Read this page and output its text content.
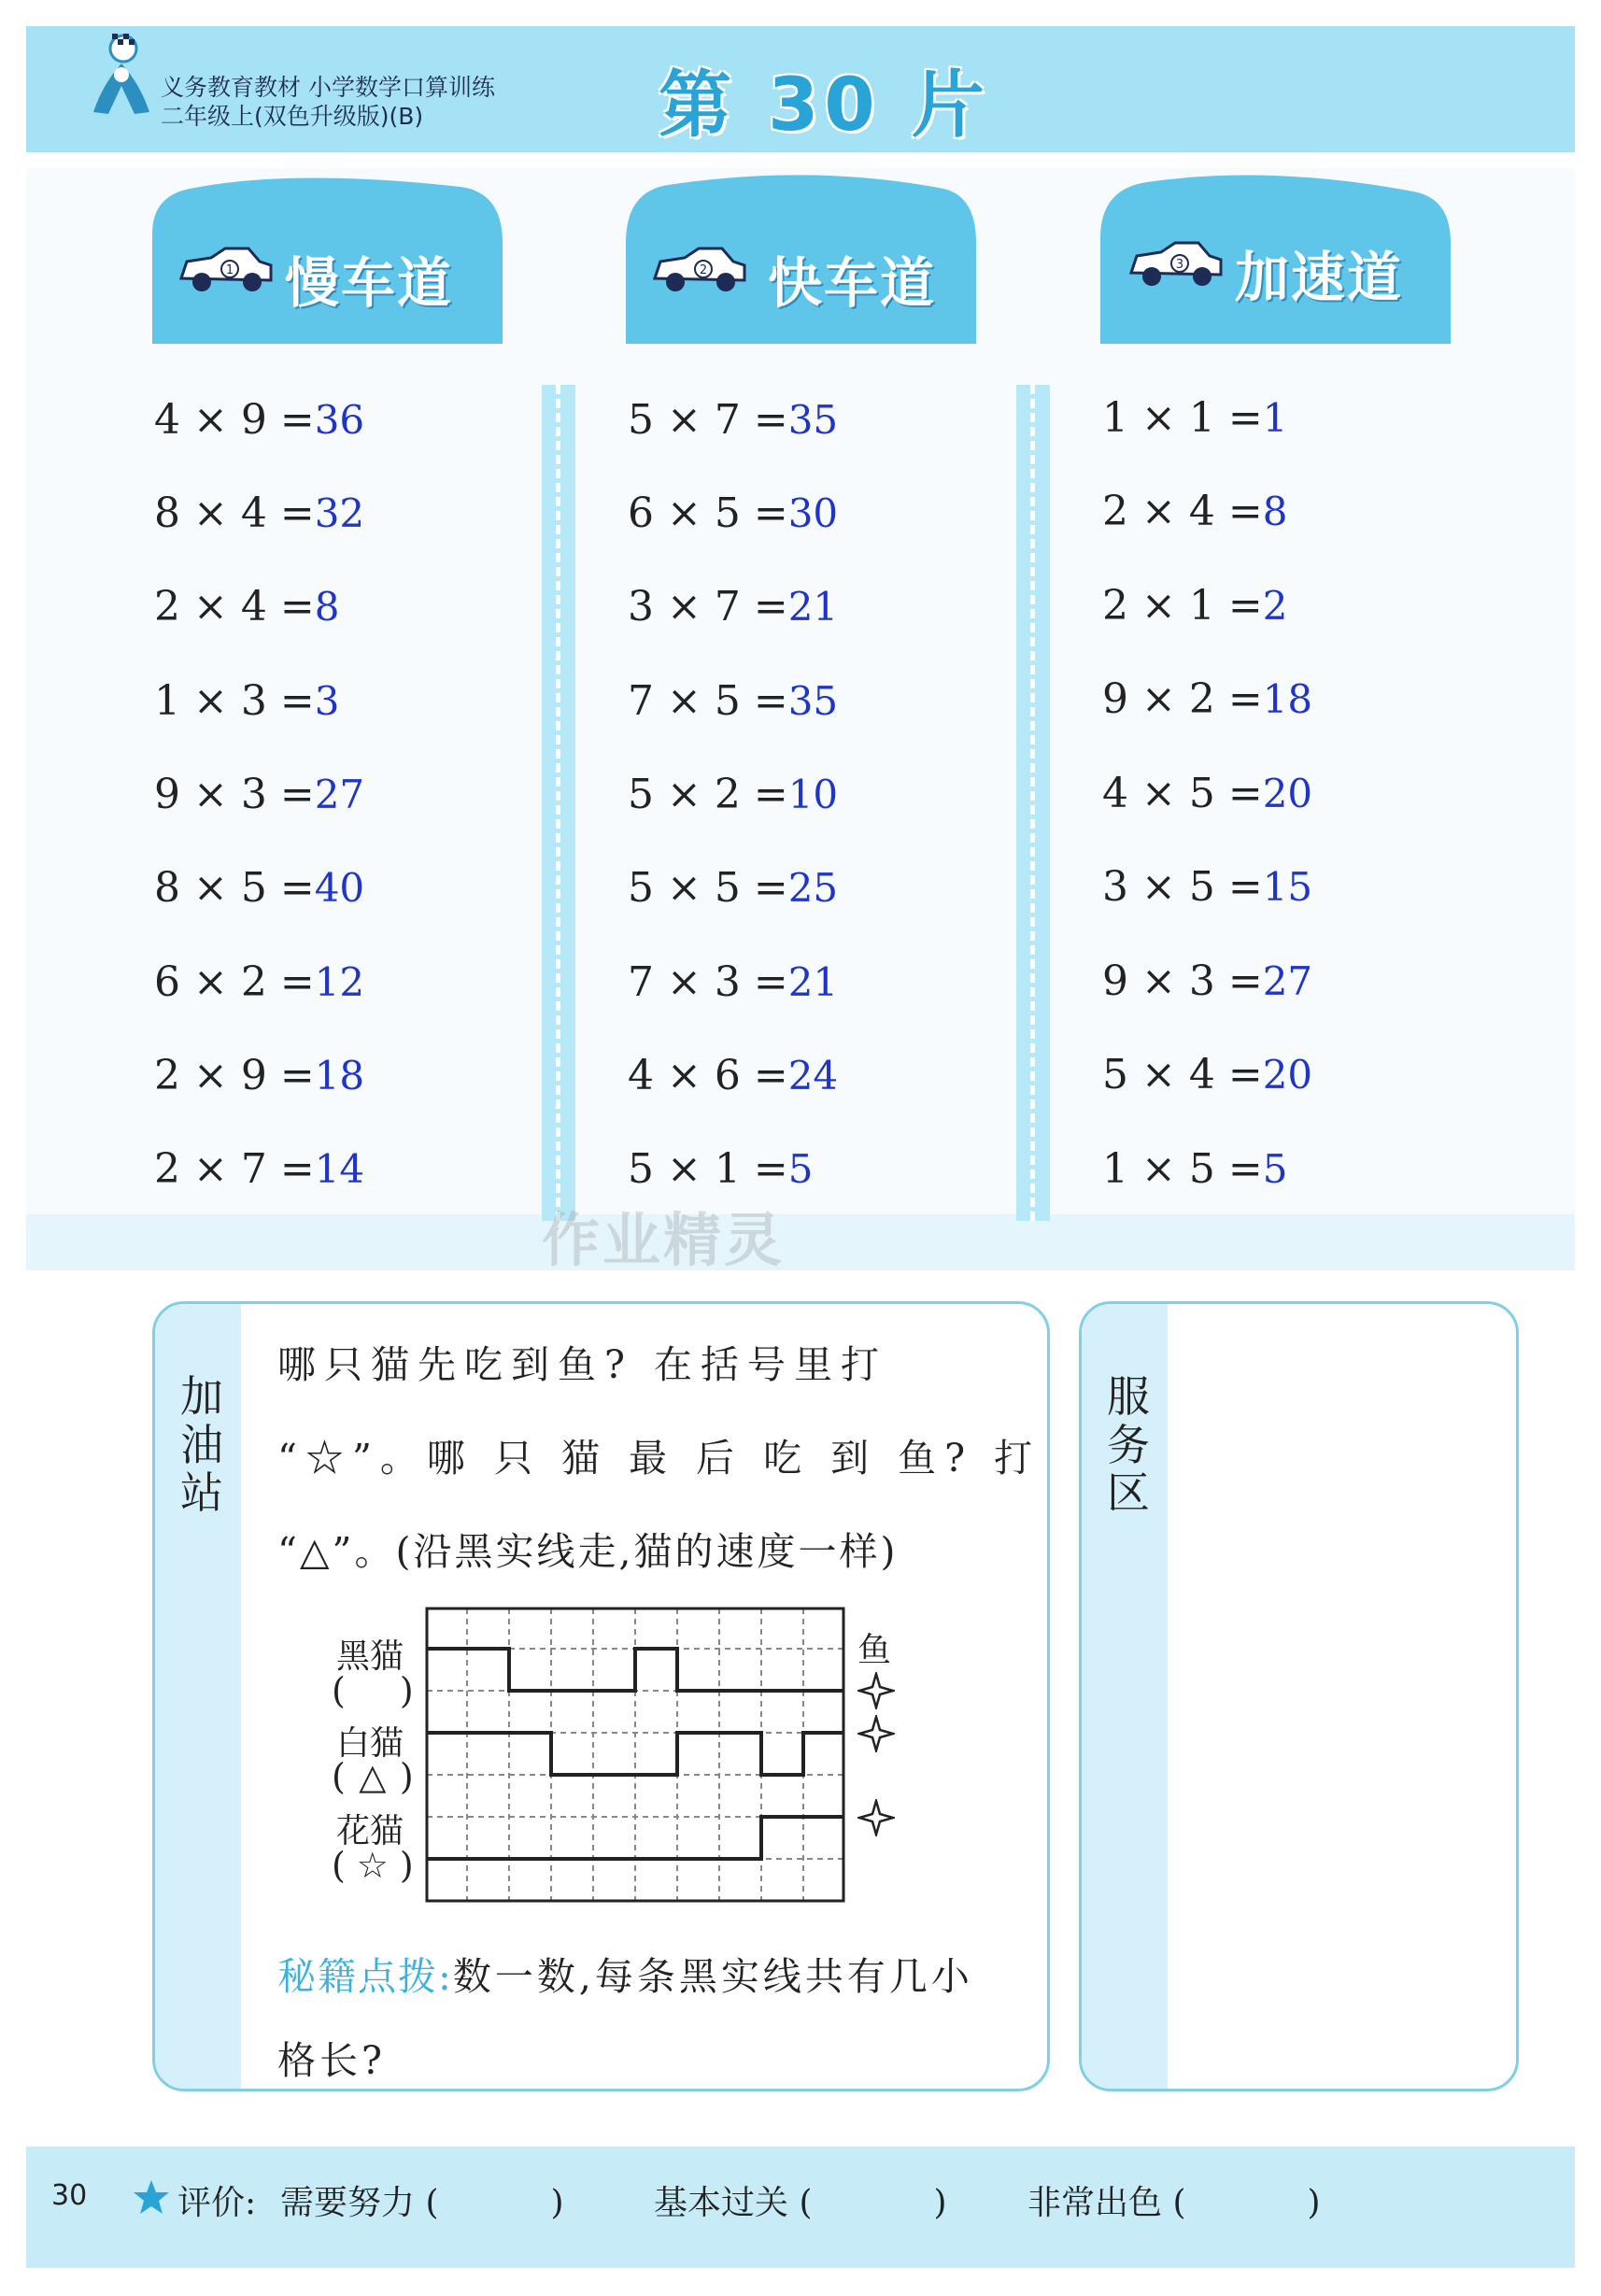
义务教育教材 小学数学口算训练
二年级上(双色升级版)(B)	第 30 片
1	2	3
慢车道	快车道	加速道
4 × 9 =36
8 × 4 =32
2 × 4 =8
1 × 3 =3
9 × 3 =27
8 × 5 =40
6 × 2 =12
2 × 9 =18
2 × 7 =14
5 × 7 =35
6 × 5 =30
3 × 7 =21
7 × 5 =35
5 × 2 =10
5 × 5 =25
7 × 3 =21
4 × 6 =24
5 × 1 =5
1 × 1 =1
2 × 4 =8
2 × 1 =2
9 × 2 =18
4 × 5 =20
3 × 5 =15
9 × 3 =27
5 × 4 =20
1 × 5 =5
作业精灵
加油站
哪只猫先吃到鱼? 在括号里打
“☆”。哪 只 猫 最 后 吃 到 鱼? 打
“△”。(沿黑实线走,猫的速度一样)
黑猫
( )
白猫
( △ )
花猫
( ☆ )
鱼
秘籍点拨:数一数,每条黑实线共有几小
格长?
服务区
30	评价: 需要努力 (	)	基本过关 (	) 非常出色 (	)
